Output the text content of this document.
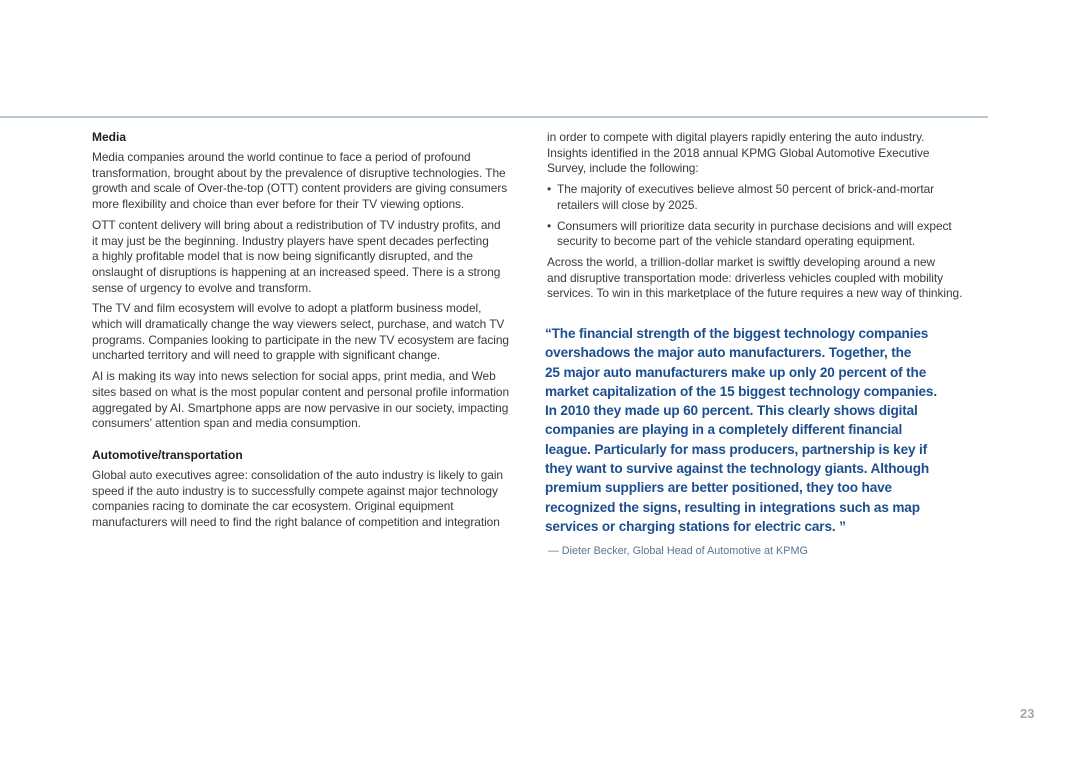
Media
Media companies around the world continue to face a period of profound
transformation, brought about by the prevalence of disruptive technologies. The
growth and scale of Over-the-top (OTT) content providers are giving consumers
more flexibility and choice than ever before for their TV viewing options.
OTT content delivery will bring about a redistribution of TV industry profits, and
it may just be the beginning. Industry players have spent decades perfecting
a highly profitable model that is now being significantly disrupted, and the
onslaught of disruptions is happening at an increased speed. There is a strong
sense of urgency to evolve and transform.
The TV and film ecosystem will evolve to adopt a platform business model,
which will dramatically change the way viewers select, purchase, and watch TV
programs. Companies looking to participate in the new TV ecosystem are facing
uncharted territory and will need to grapple with significant change.
AI is making its way into news selection for social apps, print media, and Web
sites based on what is the most popular content and personal profile information
aggregated by AI. Smartphone apps are now pervasive in our society, impacting
consumers' attention span and media consumption.
Automotive/transportation
Global auto executives agree: consolidation of the auto industry is likely to gain
speed if the auto industry is to successfully compete against major technology
companies racing to dominate the car ecosystem. Original equipment
manufacturers will need to find the right balance of competition and integration
in order to compete with digital players rapidly entering the auto industry.
Insights identified in the 2018 annual KPMG Global Automotive Executive
Survey, include the following:
• The majority of executives believe almost 50 percent of brick-and-mortar
retailers will close by 2025.
• Consumers will prioritize data security in purchase decisions and will expect
security to become part of the vehicle standard operating equipment.
Across the world, a trillion-dollar market is swiftly developing around a new
and disruptive transportation mode: driverless vehicles coupled with mobility
services. To win in this marketplace of the future requires a new way of thinking.
“The financial strength of the biggest technology companies
overshadows the major auto manufacturers. Together, the
25 major auto manufacturers make up only 20 percent of the
market capitalization of the 15 biggest technology companies.
In 2010 they made up 60 percent. This clearly shows digital
companies are playing in a completely different financial
league. Particularly for mass producers, partnership is key if
they want to survive against the technology giants. Although
premium suppliers are better positioned, they too have
recognized the signs, resulting in integrations such as map
services or charging stations for electric cars. ”
— Dieter Becker, Global Head of Automotive at KPMG
23
